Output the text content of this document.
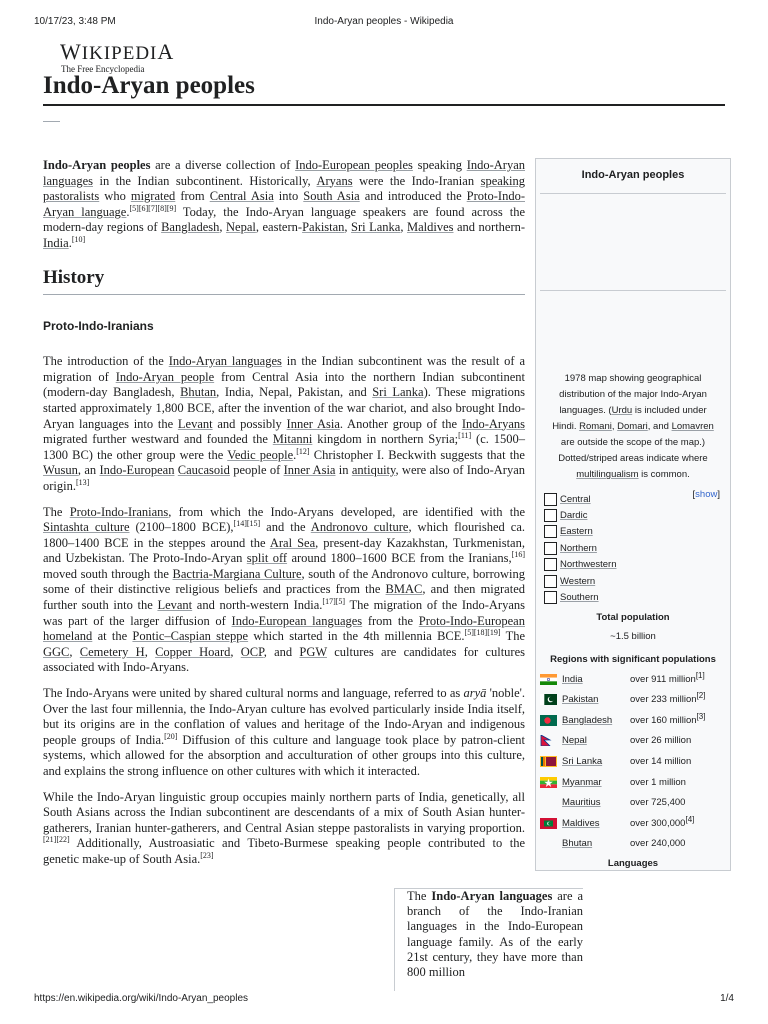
10/17/23, 3:48 PM	Indo-Aryan peoples - Wikipedia
WIKIPEDIA
The Free Encyclopedia
Indo-Aryan peoples

Indo-Aryan peoples are a diverse collection of Indo-European peoples speaking Indo-Aryan languages in the Indian subcontinent. Historically, Aryans were the Indo-Iranian speaking pastoralists who migrated from Central Asia into South Asia and introduced the Proto-Indo-Aryan language.[5][6][7][8][9] Today, the Indo-Aryan language speakers are found across the modern-day regions of Bangladesh, Nepal, eastern-Pakistan, Sri Lanka, Maldives and northern-India.[10]

History
Proto-Indo-Iranians

The introduction of the Indo-Aryan languages in the Indian subcontinent was the result of a migration of Indo-Aryan people from Central Asia into the northern Indian subcontinent (modern-day Bangladesh, Bhutan, India, Nepal, Pakistan, and Sri Lanka). These migrations started approximately 1,800 BCE, after the invention of the war chariot, and also brought Indo-Aryan languages into the Levant and possibly Inner Asia. Another group of the Indo-Aryans migrated further westward and founded the Mitanni kingdom in northern Syria;[11] (c. 1500–1300 BC) the other group were the Vedic people.[12] Christopher I. Beckwith suggests that the Wusun, an Indo-European Caucasoid people of Inner Asia in antiquity, were also of Indo-Aryan origin.[13]

The Proto-Indo-Iranians, from which the Indo-Aryans developed, are identified with the Sintashta culture (2100–1800 BCE),[14][15] and the Andronovo culture, which flourished ca. 1800–1400 BCE in the steppes around the Aral Sea, present-day Kazakhstan, Turkmenistan, and Uzbekistan. The Proto-Indo-Aryan split off around 1800–1600 BCE from the Iranians,[16] moved south through the Bactria-Margiana Culture, south of the Andronovo culture, borrowing some of their distinctive religious beliefs and practices from the BMAC, and then migrated further south into the Levant and north-western India.[17][5] The migration of the Indo-Aryans was part of the larger diffusion of Indo-European languages from the Proto-Indo-European homeland at the Pontic–Caspian steppe which started in the 4th millennia BCE.[5][18][19] The GGC, Cemetery H, Copper Hoard, OCP, and PGW cultures are candidates for cultures associated with Indo-Aryans.

The Indo-Aryans were united by shared cultural norms and language, referred to as aryā 'noble'. Over the last four millennia, the Indo-Aryan culture has evolved particularly inside India itself, but its origins are in the conflation of values and heritage of the Indo-Aryan and indigenous people groups of India.[20] Diffusion of this culture and language took place by patron-client systems, which allowed for the absorption and acculturation of other groups into this culture, and explains the strong influence on other cultures with which it interacted.

While the Indo-Aryan linguistic group occupies mainly northern parts of India, genetically, all South Asians across the Indian subcontinent are descendants of a mix of South Asian hunter-gatherers, Iranian hunter-gatherers, and Central Asian steppe pastoralists in varying proportion.[21][22] Additionally, Austroasiatic and Tibeto-Burmese speaking people contributed to the genetic make-up of South Asia.[23]

Indo-Aryan peoples
1978 map showing geographical distribution of the major Indo-Aryan languages. (Urdu is included under Hindi. Romani, Domari, and Lomavren are outside the scope of the map.) Dotted/striped areas indicate where multilingualism is common.
[show]
Central
Dardic
Eastern
Northern
Northwestern
Western
Southern
Total population
~1.5 billion
Regions with significant populations
India	over 911 million[1]
Pakistan	over 233 million[2]
Bangladesh	over 160 million[3]
Nepal	over 26 million
Sri Lanka	over 14 million
Myanmar	over 1 million
Mauritius	over 725,400
Maldives	over 300,000[4]
Bhutan	over 240,000
Languages
The Indo-Aryan languages are a branch of the Indo-Iranian languages in the Indo-European language family. As of the early 21st century, they have more than 800 million
https://en.wikipedia.org/wiki/Indo-Aryan_peoples	1/4
